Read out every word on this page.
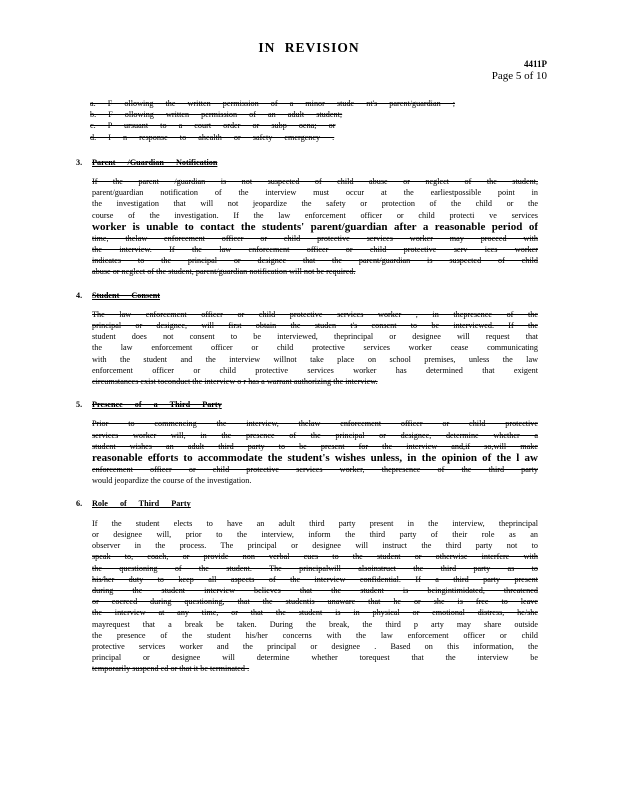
IN REVISION
4411P
Page 5 of 10
a. F ollowing the written permission of a minor stude nt's parent/guardian ;
b. F ollowing written permission of an adult student;
c. P ursuant to a court order or subp oena; or
d. I n response to ahealth or safety emergency .
3. Parent /Guardian Notification
If the parent /guardian is not suspected of child abuse or neglect of the student,
parent/guardian notification of the interview must occur at the earliestpossible point in
the investigation that will not jeopardize the safety or protection of the child or the
course of the investigation. If the law enforcement officer or child protecti ve services
worker is unable to contact the students' parent/guardian after a reasonable period of
time, thelaw enforcement officer or child protective services worker may proceed with
the interview. If the law enforcement officer or child protective serv ices worker
indicates to the principal or designee that the parent/guardian is suspected of child
abuse or neglect of the student, parent/guardian notification will not be required.
4. Student Consent
The law enforcement officer or child protective services worker , in thepresence of the
principal or designee, will first obtain the studen t's consent to be interviewed. If the
student does not consent to be interviewed, theprincipal or designee will request that
the law enforcement officer or child protective services worker cease communicating
with the student and the interview willnot take place on school premises, unless the law
enforcement officer or child protective services worker has determined that exigent
circumstances exist toconduct the interview o r has a warrant authorizing the interview.
5. Presence of a Third Party
Prior to commencing the interview, thelaw enforcement officer or child protective
services worker will, in the presence of the principal or designee, determine whether a
student wishes an adult third party to be present for the interview and,if so,will make
reasonable efforts to accommodate the student's wishes unless, in the opinion of the l aw
enforcement officer or child protective services worker, thepresence of the third party
would jeopardize the course of the investigation.
6. Role of Third Party
If the student elects to have an adult third party present in the interview, theprincipal
or designee will, prior to the interview, inform the third party of their role as an
observer in the process. The principal or designee will instruct the third party not to
speak to, coach, or provide non verbal cues to the student or otherwise interfere with
the questioning of the student. The principalwill alsoinstruct the third party as to
his/her duty to keep all aspects of the interview confidential. If a third party present
during the student interview believes that the student is beingintimidated, threatened
or coerced during questioning, that the studentis unaware that he or she is free to leave
the interview at any time, or that the student is in physical or emotional distress, he/she
mayrequest that a break be taken. During the break, the third p arty may share outside
the presence of the student his/her concerns with the law enforcement officer or child
protective services worker and the principal or designee . Based on this information, the
principal or designee will determine whether torequest that the interview be
temporarily suspend ed or that it be terminated .
